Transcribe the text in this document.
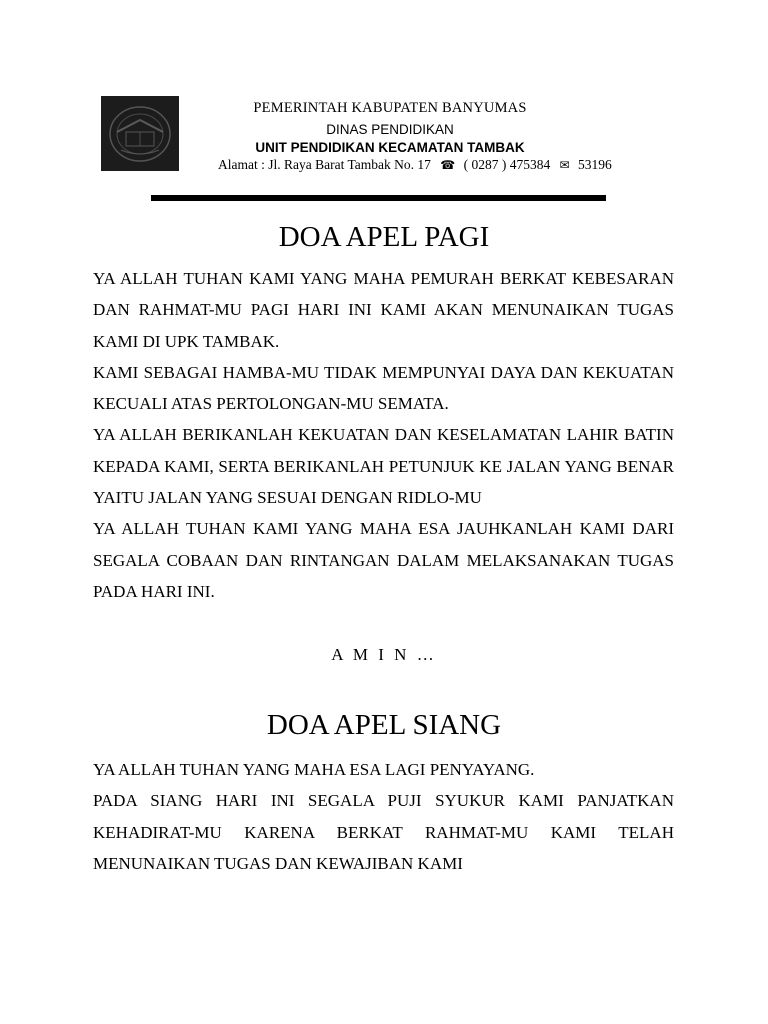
PEMERINTAH KABUPATEN BANYUMAS
DINAS PENDIDIKAN
UNIT PENDIDIKAN KECAMATAN TAMBAK
Alamat : Jl. Raya Barat Tambak No. 17 ☎ ( 0287 ) 475384 ✉ 53196
DOA APEL PAGI

YA ALLAH TUHAN KAMI YANG MAHA PEMURAH BERKAT KEBESARAN DAN RAHMAT-MU PAGI HARI INI KAMI AKAN MENUNAIKAN TUGAS KAMI DI UPK TAMBAK.

KAMI SEBAGAI HAMBA-MU TIDAK MEMPUNYAI DAYA DAN KEKUATAN KECUALI ATAS PERTOLONGAN-MU SEMATA.

YA ALLAH BERIKANLAH KEKUATAN DAN KESELAMATAN LAHIR BATIN KEPADA KAMI, SERTA BERIKANLAH PETUNJUK KE JALAN YANG BENAR YAITU JALAN YANG SESUAI DENGAN RIDLO-MU

YA ALLAH TUHAN KAMI YANG MAHA ESA JAUHKANLAH KAMI DARI SEGALA COBAAN DAN RINTANGAN DALAM MELAKSANAKAN TUGAS PADA HARI INI.

A M I N …
DOA APEL SIANG

YA ALLAH TUHAN YANG MAHA ESA LAGI PENYAYANG.

PADA SIANG HARI INI SEGALA PUJI SYUKUR KAMI PANJATKAN KEHADIRAT-MU KARENA BERKAT RAHMAT-MU KAMI TELAH MENUNAIKAN TUGAS DAN KEWAJIBAN KAMI
